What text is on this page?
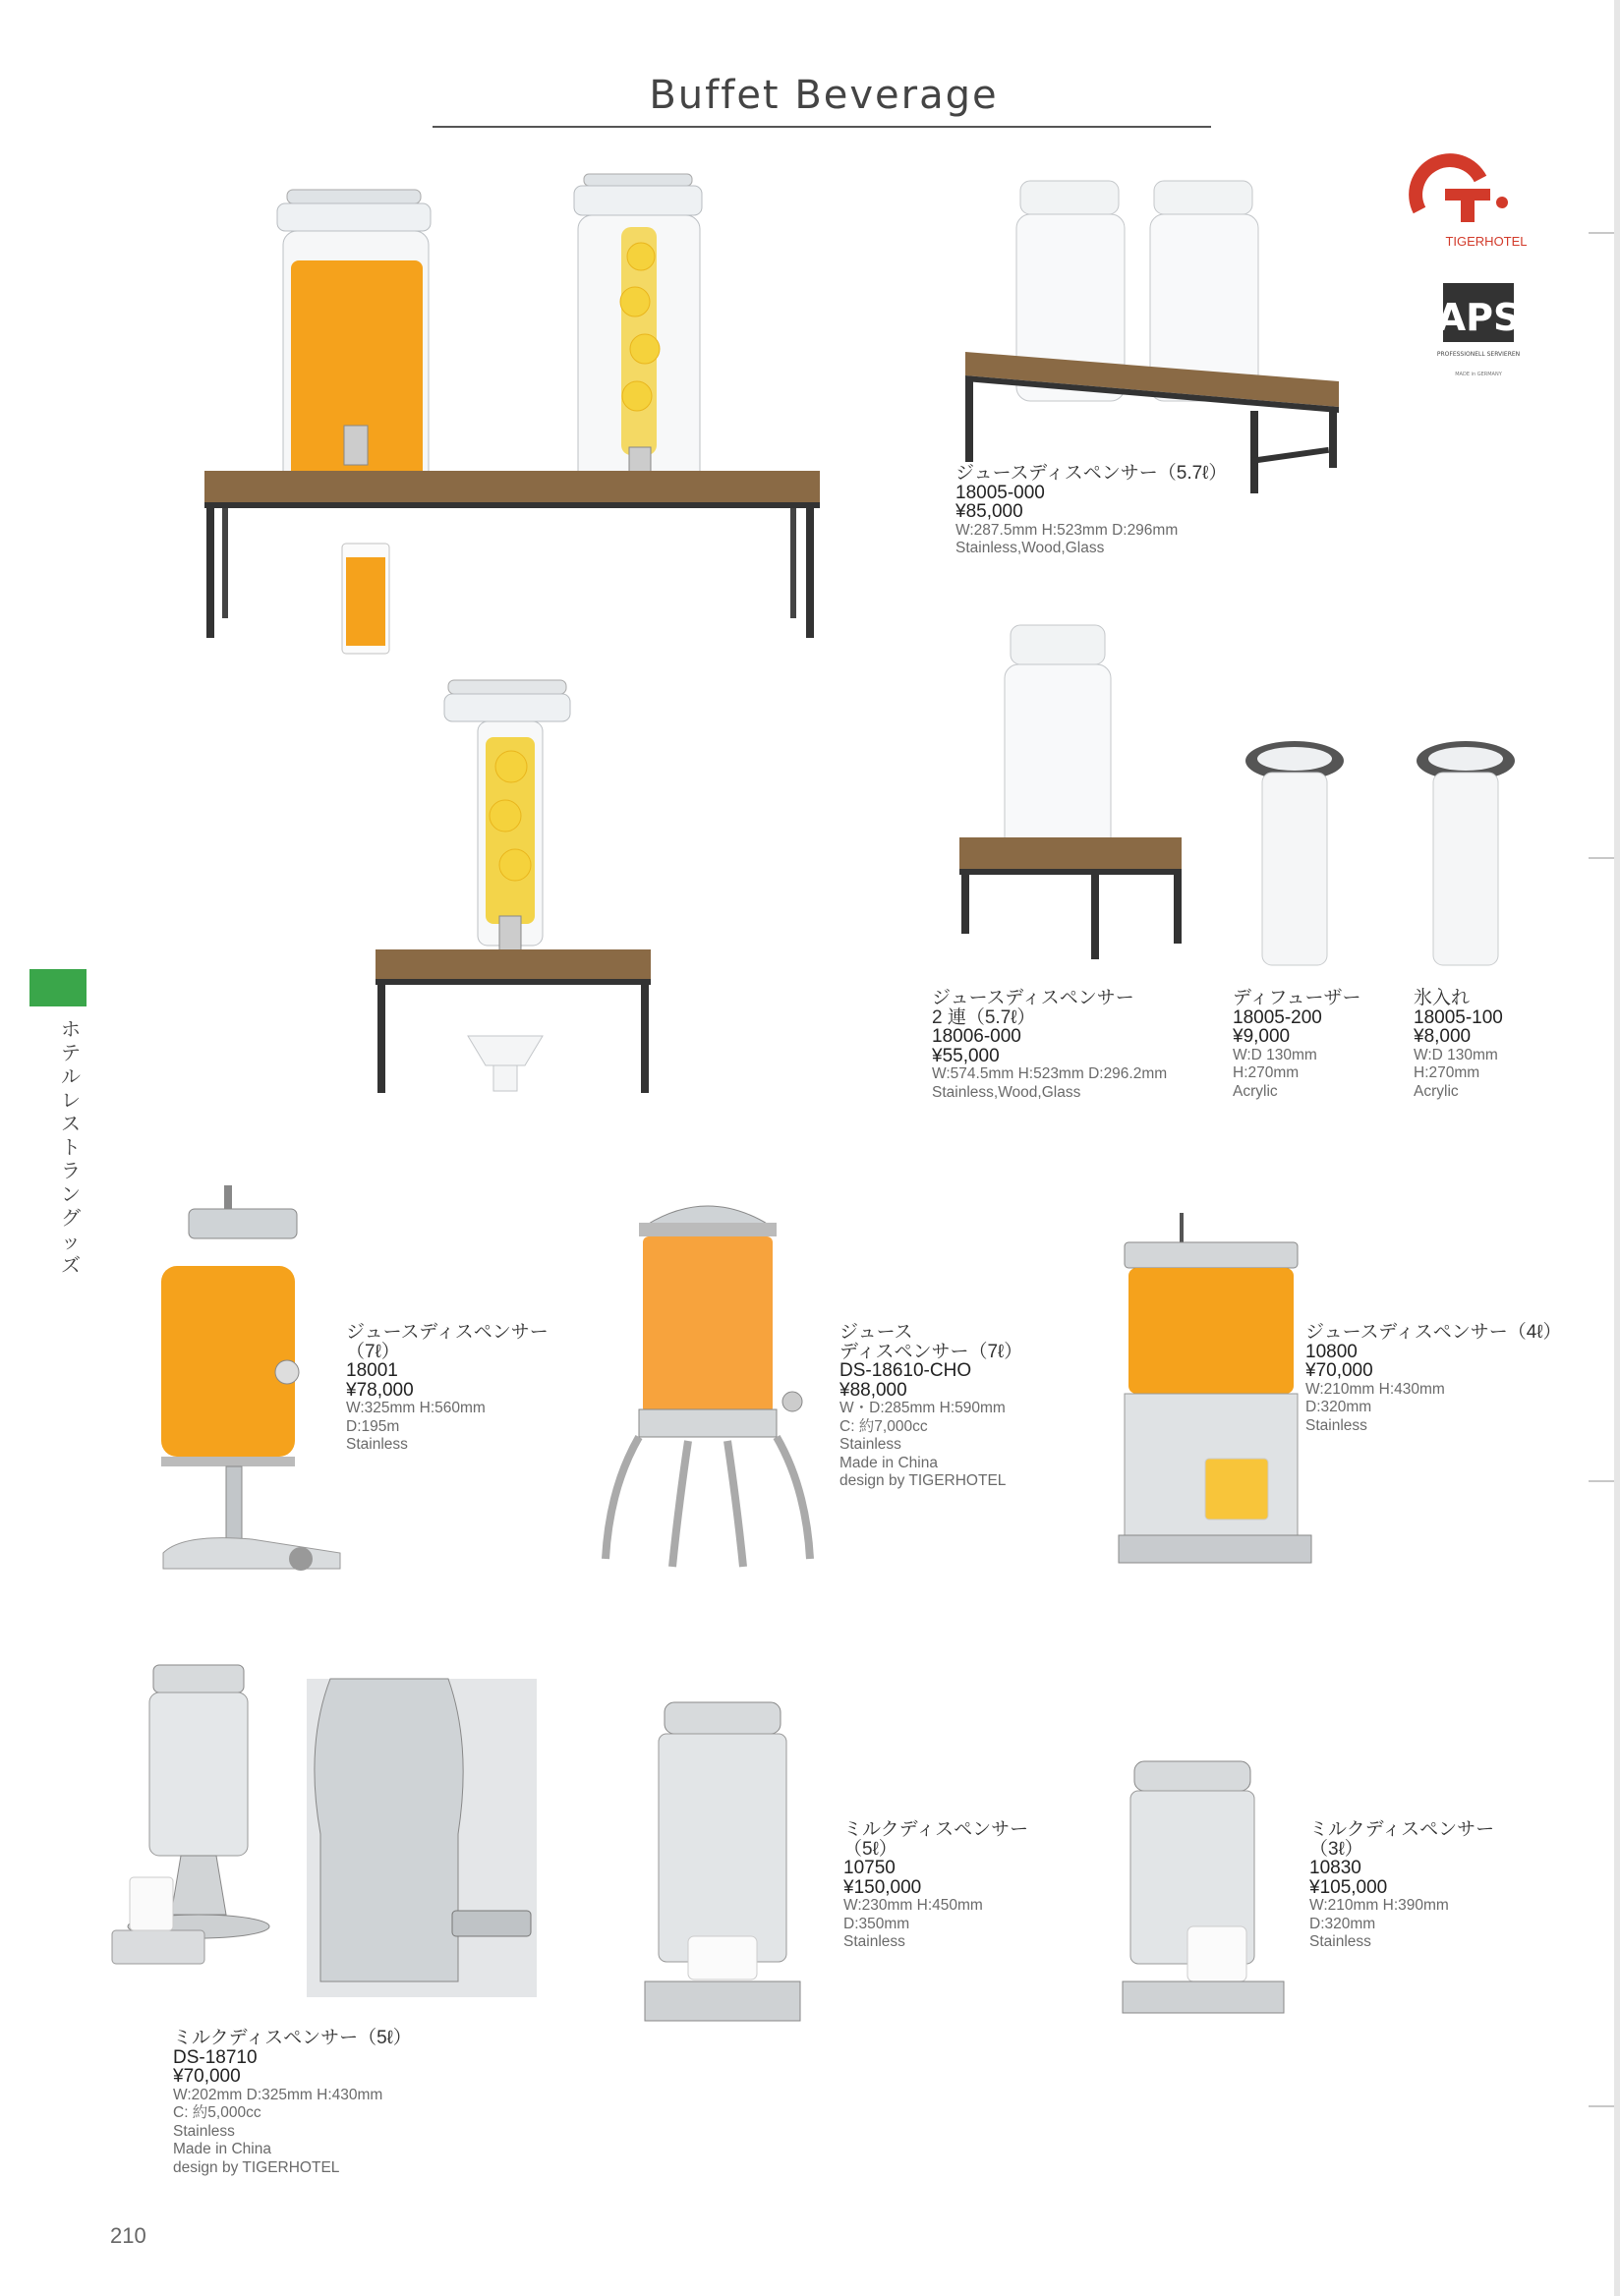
Buffet Beverage
ホテルレストラングッズ
210
TIGERHOTEL
APS
PROFESSIONELL SERVIEREN
MADE in GERMANY
ジュースディスペンサー（5.7ℓ）
18005-000
¥85,000
W:287.5mm H:523mm D:296mm
Stainless,Wood,Glass
ジュースディスペンサー
2 連（5.7ℓ）
18006-000
¥55,000
W:574.5mm H:523mm D:296.2mm
Stainless,Wood,Glass
ディフューザー
18005-200
¥9,000
W:D 130mm
H:270mm
Acrylic
氷入れ
18005-100
¥8,000
W:D 130mm
H:270mm
Acrylic
ジュースディスペンサー
（7ℓ）
18001
¥78,000
W:325mm H:560mm
D:195m
Stainless
ジュース
ディスペンサー（7ℓ）
DS-18610-CHO
¥88,000
W・D:285mm H:590mm
C: 約7,000cc
Stainless
Made in China
design by TIGERHOTEL
ジュースディスペンサー（4ℓ）
10800
¥70,000
W:210mm H:430mm
D:320mm
Stainless
ミルクディスペンサー（5ℓ）
DS-18710
¥70,000
W:202mm D:325mm H:430mm
C: 約5,000cc
Stainless
Made in China
design by TIGERHOTEL
ミルクディスペンサー
（5ℓ）
10750
¥150,000
W:230mm H:450mm
D:350mm
Stainless
ミルクディスペンサー
（3ℓ）
10830
¥105,000
W:210mm H:390mm
D:320mm
Stainless
